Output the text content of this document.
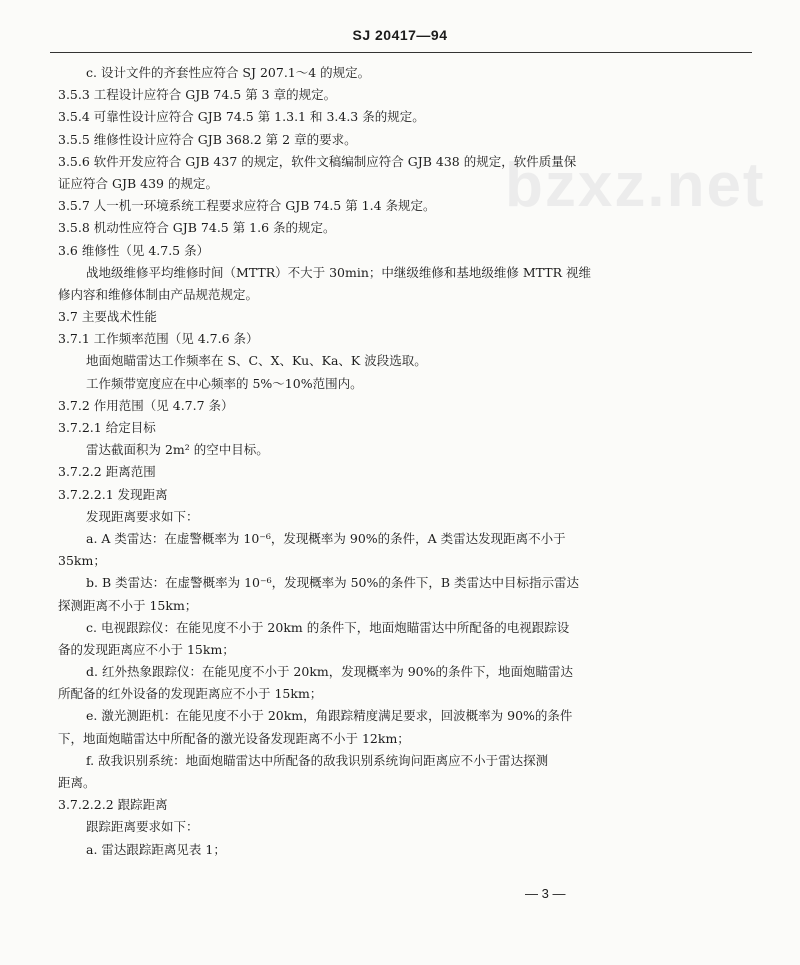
SJ 20417—94
bzxz.net
c. 设计文件的齐套性应符合 SJ 207.1～4 的规定。
3.5.3 工程设计应符合 GJB 74.5 第 3 章的规定。
3.5.4 可靠性设计应符合 GJB 74.5 第 1.3.1 和 3.4.3 条的规定。
3.5.5 维修性设计应符合 GJB 368.2 第 2 章的要求。
3.5.6 软件开发应符合 GJB 437 的规定，软件文稿编制应符合 GJB 438 的规定，软件质量保
证应符合 GJB 439 的规定。
3.5.7 人一机一环境系统工程要求应符合 GJB 74.5 第 1.4 条规定。
3.5.8 机动性应符合 GJB 74.5 第 1.6 条的规定。
3.6 维修性（见 4.7.5 条）
战地级维修平均维修时间（MTTR）不大于 30min；中继级维修和基地级维修 MTTR 视维
修内容和维修体制由产品规范规定。
3.7 主要战术性能
3.7.1 工作频率范围（见 4.7.6 条）
地面炮瞄雷达工作频率在 S、C、X、Ku、Ka、K 波段选取。
工作频带宽度应在中心频率的 5%～10%范围内。
3.7.2 作用范围（见 4.7.7 条）
3.7.2.1 给定目标
雷达截面积为 2m² 的空中目标。
3.7.2.2 距离范围
3.7.2.2.1 发现距离
发现距离要求如下：
a. A 类雷达：在虚警概率为 10⁻⁶，发现概率为 90%的条件，A 类雷达发现距离不小于
35km；
b. B 类雷达：在虚警概率为 10⁻⁶，发现概率为 50%的条件下，B 类雷达中目标指示雷达
探测距离不小于 15km；
c. 电视跟踪仪：在能见度不小于 20km 的条件下，地面炮瞄雷达中所配备的电视跟踪设
备的发现距离应不小于 15km；
d. 红外热象跟踪仪：在能见度不小于 20km，发现概率为 90%的条件下，地面炮瞄雷达
所配备的红外设备的发现距离应不小于 15km；
e. 激光测距机：在能见度不小于 20km，角跟踪精度满足要求，回波概率为 90%的条件
下，地面炮瞄雷达中所配备的激光设备发现距离不小于 12km；
f. 敌我识别系统：地面炮瞄雷达中所配备的敌我识别系统询问距离应不小于雷达探测
距离。
3.7.2.2.2 跟踪距离
跟踪距离要求如下：
a. 雷达跟踪距离见表 1；
— 3 —
